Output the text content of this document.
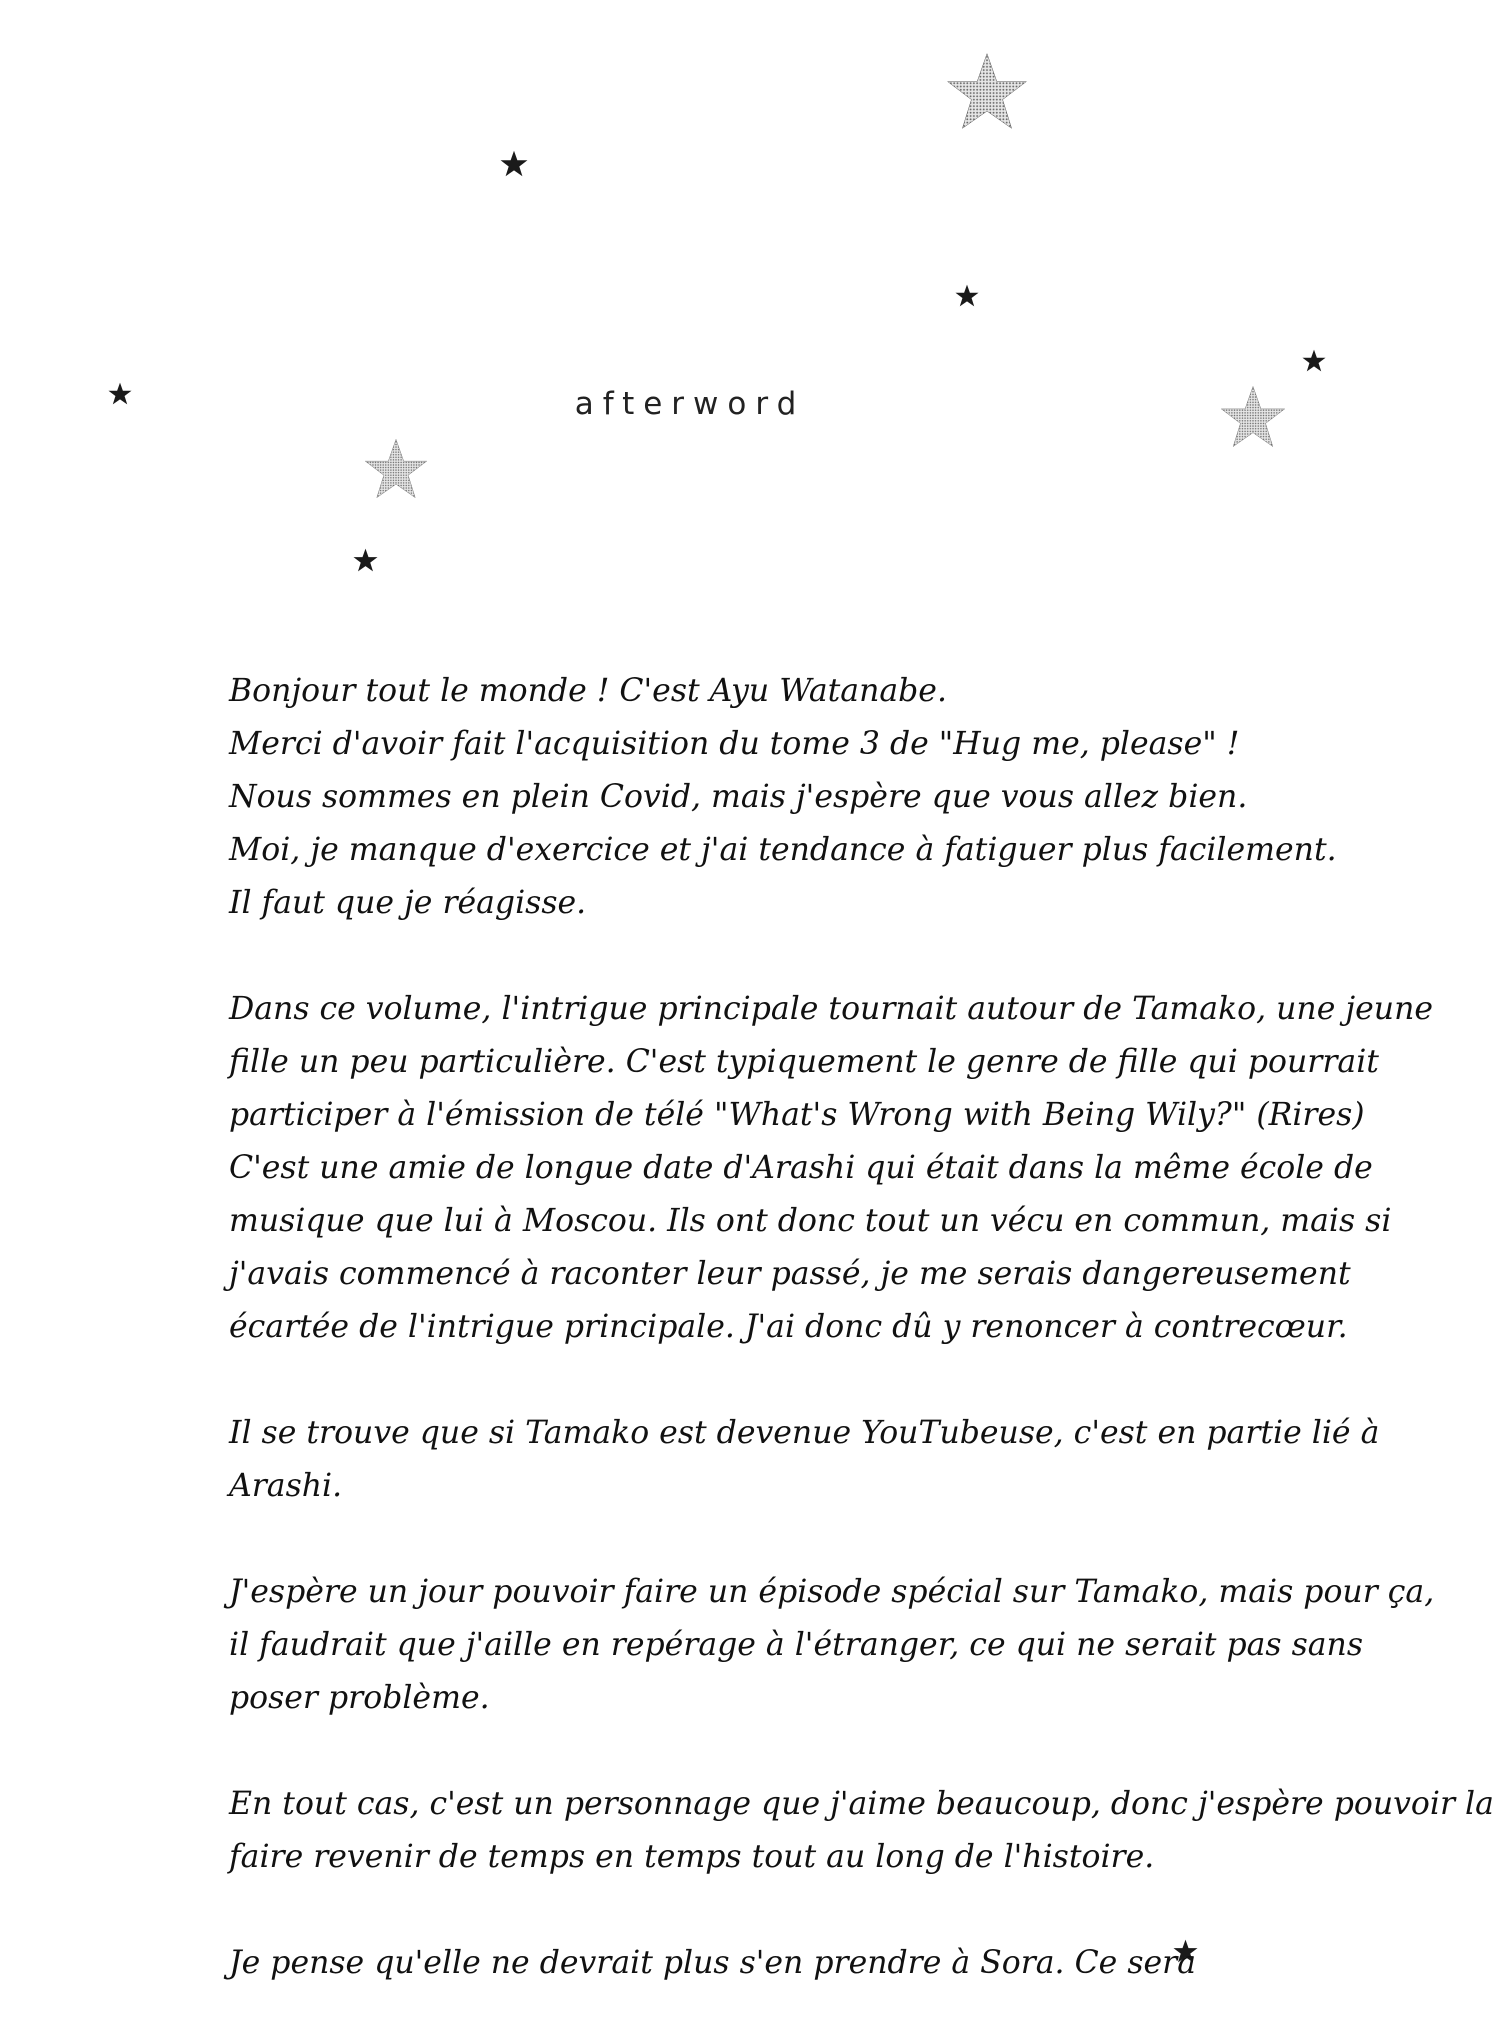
afterword
Bonjour tout le monde ! C'est Ayu Watanabe.
Merci d'avoir fait l'acquisition du tome 3 de "Hug me, please" !
Nous sommes en plein Covid, mais j'espère que vous allez bien.
Moi, je manque d'exercice et j'ai tendance à fatiguer plus facilement.
Il faut que je réagisse.
Dans ce volume, l'intrigue principale tournait autour de Tamako, une jeune
fille un peu particulière. C'est typiquement le genre de fille qui pourrait
participer à l'émission de télé "What's Wrong with Being Wily?" (Rires)
C'est une amie de longue date d'Arashi qui était dans la même école de
musique que lui à Moscou. Ils ont donc tout un vécu en commun, mais si
j'avais commencé à raconter leur passé, je me serais dangereusement
écartée de l'intrigue principale. J'ai donc dû y renoncer à contrecœur.
Il se trouve que si Tamako est devenue YouTubeuse, c'est en partie lié à
Arashi.
J'espère un jour pouvoir faire un épisode spécial sur Tamako, mais pour ça,
il faudrait que j'aille en repérage à l'étranger, ce qui ne serait pas sans
poser problème.
En tout cas, c'est un personnage que j'aime beaucoup, donc j'espère pouvoir la
faire revenir de temps en temps tout au long de l'histoire.
Je pense qu'elle ne devrait plus s'en prendre à Sora. Ce sera
